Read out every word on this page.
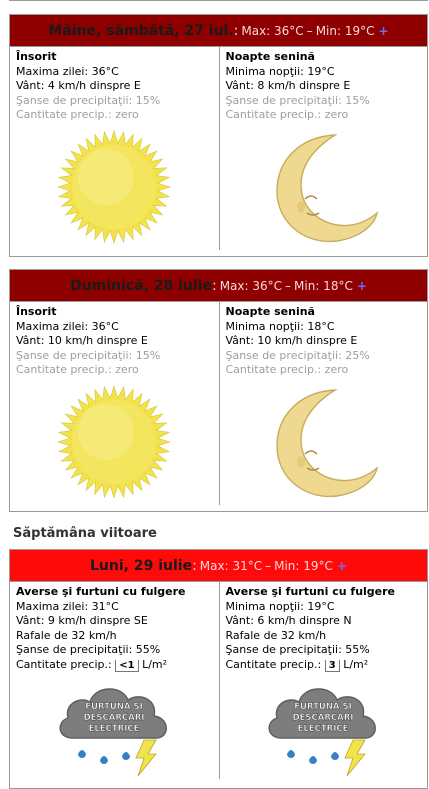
Mâine, sâmbătă, 27 iul. : Max: 36°C – Min: 19°C +
Însorit
Maxima zilei: 36°C
Vânt: 4 km/h dinspre E
Şanse de precipitaţii: 15%
Cantitate precip.: zero
Noapte senină
Minima nopţii: 19°C
Vânt: 8 km/h dinspre E
Şanse de precipitaţii: 15%
Cantitate precip.: zero
Duminică, 28 iulie : Max: 36°C – Min: 18°C +
Însorit
Maxima zilei: 36°C
Vânt: 10 km/h dinspre E
Şanse de precipitaţii: 15%
Cantitate precip.: zero
Noapte senină
Minima nopţii: 18°C
Vânt: 10 km/h dinspre E
Şanse de precipitaţii: 25%
Cantitate precip.: zero
Săptămâna viitoare
Luni, 29 iulie : Max: 31°C – Min: 19°C +
Averse şi furtuni cu fulgere
Maxima zilei: 31°C
Vânt: 9 km/h dinspre SE
Rafale de 32 km/h
Şanse de precipitaţii: 55%
Cantitate precip.: <1 L/m²
FURTUNA SI
DESCARCARI
ELECTRICE
Averse şi furtuni cu fulgere
Minima nopţii: 19°C
Vânt: 6 km/h dinspre N
Rafale de 32 km/h
Şanse de precipitaţii: 55%
Cantitate precip.: 3 L/m²
FURTUNA SI
DESCARCARI
ELECTRICE
